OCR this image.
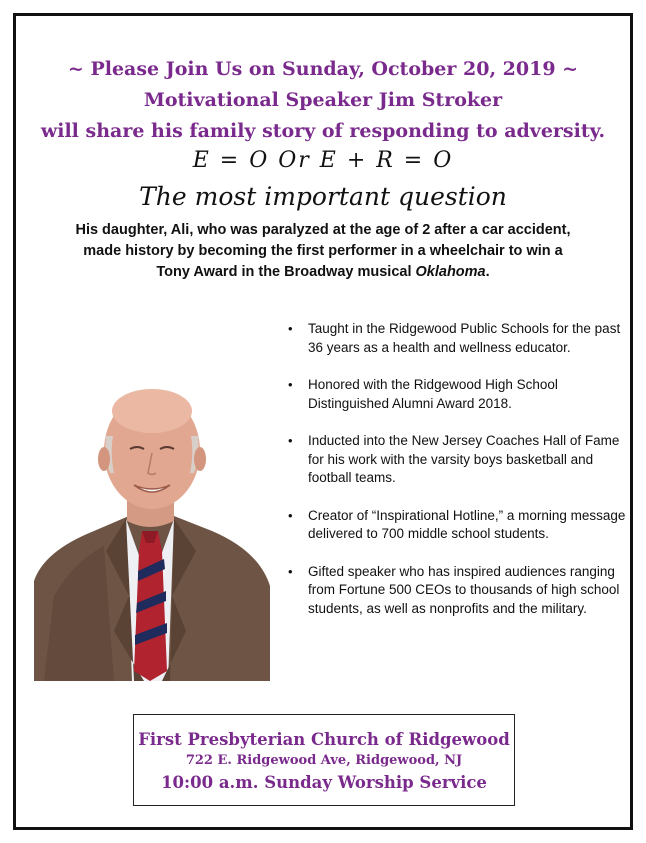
~ Please Join Us on Sunday, October 20, 2019 ~
Motivational Speaker Jim Stroker
will share his family story of responding to adversity.
E = O Or E + R = O
The most important question
His daughter, Ali, who was paralyzed at the age of 2 after a car accident,
made history by becoming the first performer in a wheelchair to win a
Tony Award in the Broadway musical Oklahoma.
• Taught in the Ridgewood Public Schools for the past 36 years as a health and wellness educator.
• Honored with the Ridgewood High School Distinguished Alumni Award 2018.
• Inducted into the New Jersey Coaches Hall of Fame for his work with the varsity boys basketball and football teams.
• Creator of “Inspirational Hotline,” a morning message delivered to 700 middle school students.
• Gifted speaker who has inspired audiences ranging from Fortune 500 CEOs to thousands of high school students, as well as nonprofits and the military.
First Presbyterian Church of Ridgewood
722 E. Ridgewood Ave, Ridgewood, NJ
10:00 a.m. Sunday Worship Service
